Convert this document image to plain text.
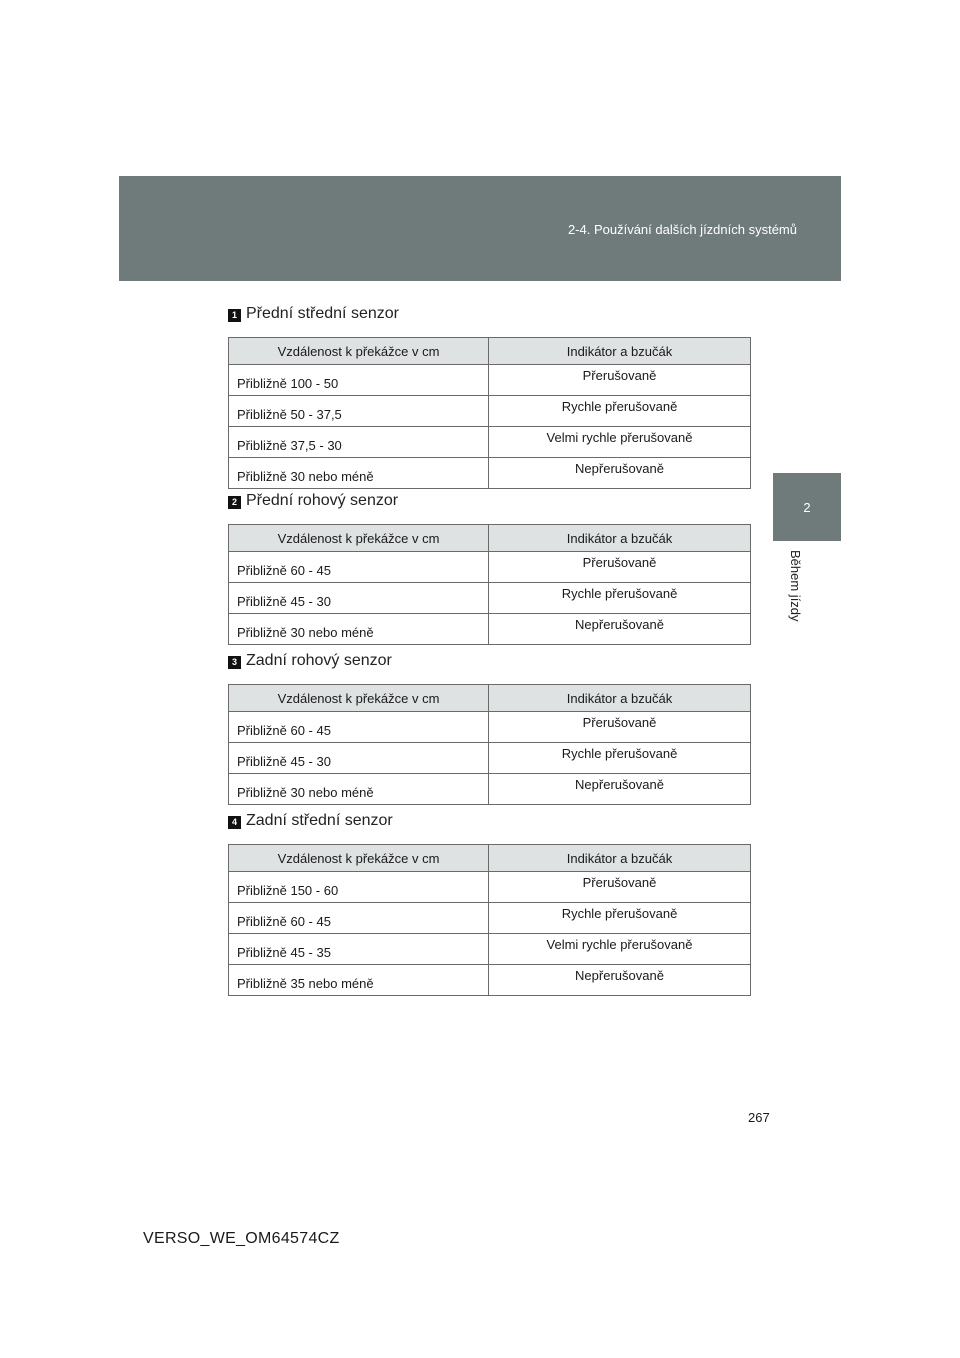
2-4. Používání dalších jízdních systémů
2
Během jízdy
1 Přední střední senzor
Vzdálenost k překážce v cm	Indikátor a bzučák
Přibližně 100 - 50	Přerušovaně
Přibližně 50 - 37,5	Rychle přerušovaně
Přibližně 37,5 - 30	Velmi rychle přerušovaně
Přibližně 30 nebo méně	Nepřerušovaně
2 Přední rohový senzor
Vzdálenost k překážce v cm	Indikátor a bzučák
Přibližně 60 - 45	Přerušovaně
Přibližně 45 - 30	Rychle přerušovaně
Přibližně 30 nebo méně	Nepřerušovaně
3 Zadní rohový senzor
Vzdálenost k překážce v cm	Indikátor a bzučák
Přibližně 60 - 45	Přerušovaně
Přibližně 45 - 30	Rychle přerušovaně
Přibližně 30 nebo méně	Nepřerušovaně
4 Zadní střední senzor
Vzdálenost k překážce v cm	Indikátor a bzučák
Přibližně 150 - 60	Přerušovaně
Přibližně 60 - 45	Rychle přerušovaně
Přibližně 45 - 35	Velmi rychle přerušovaně
Přibližně 35 nebo méně	Nepřerušovaně
267
VERSO_WE_OM64574CZ
